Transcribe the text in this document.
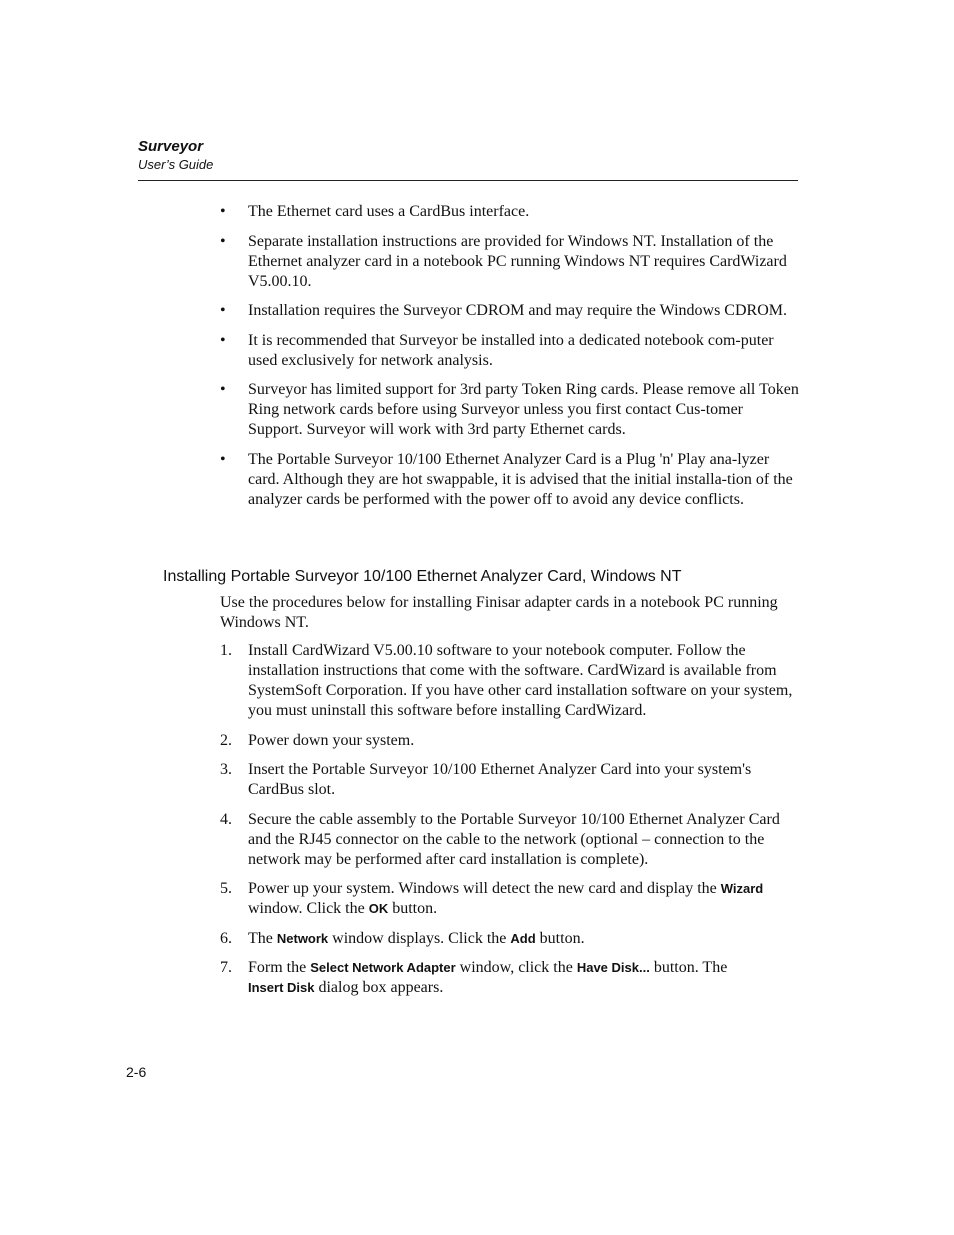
Surveyor
User’s Guide
• The Ethernet card uses a CardBus interface.
• Separate installation instructions are provided for Windows NT. Installation of the Ethernet analyzer card in a notebook PC running Windows NT requires CardWizard V5.00.10.
• Installation requires the Surveyor CDROM and may require the Windows CDROM.
• It is recommended that Surveyor be installed into a dedicated notebook com-puter used exclusively for network analysis.
• Surveyor has limited support for 3rd party Token Ring cards. Please remove all Token Ring network cards before using Surveyor unless you first contact Cus-tomer Support. Surveyor will work with 3rd party Ethernet cards.
• The Portable Surveyor 10/100 Ethernet Analyzer Card is a Plug 'n' Play ana-lyzer card. Although they are hot swappable, it is advised that the initial installa-tion of the analyzer cards be performed with the power off to avoid any device conflicts.
Installing Portable Surveyor 10/100 Ethernet Analyzer Card, Windows NT

Use the procedures below for installing Finisar adapter cards in a notebook PC running Windows NT.

1. Install CardWizard V5.00.10 software to your notebook computer. Follow the installation instructions that come with the software. CardWizard is available from SystemSoft Corporation. If you have other card installation software on your system, you must uninstall this software before installing CardWizard.
2. Power down your system.
3. Insert the Portable Surveyor 10/100 Ethernet Analyzer Card into your system's CardBus slot.
4. Secure the cable assembly to the Portable Surveyor 10/100 Ethernet Analyzer Card and the RJ45 connector on the cable to the network (optional – connection to the network may be performed after card installation is complete).
5. Power up your system. Windows will detect the new card and display the Wizard window. Click the OK button.
6. The Network window displays. Click the Add button.
7. Form the Select Network Adapter window, click the Have Disk... button. The
Insert Disk dialog box appears.
2-6
